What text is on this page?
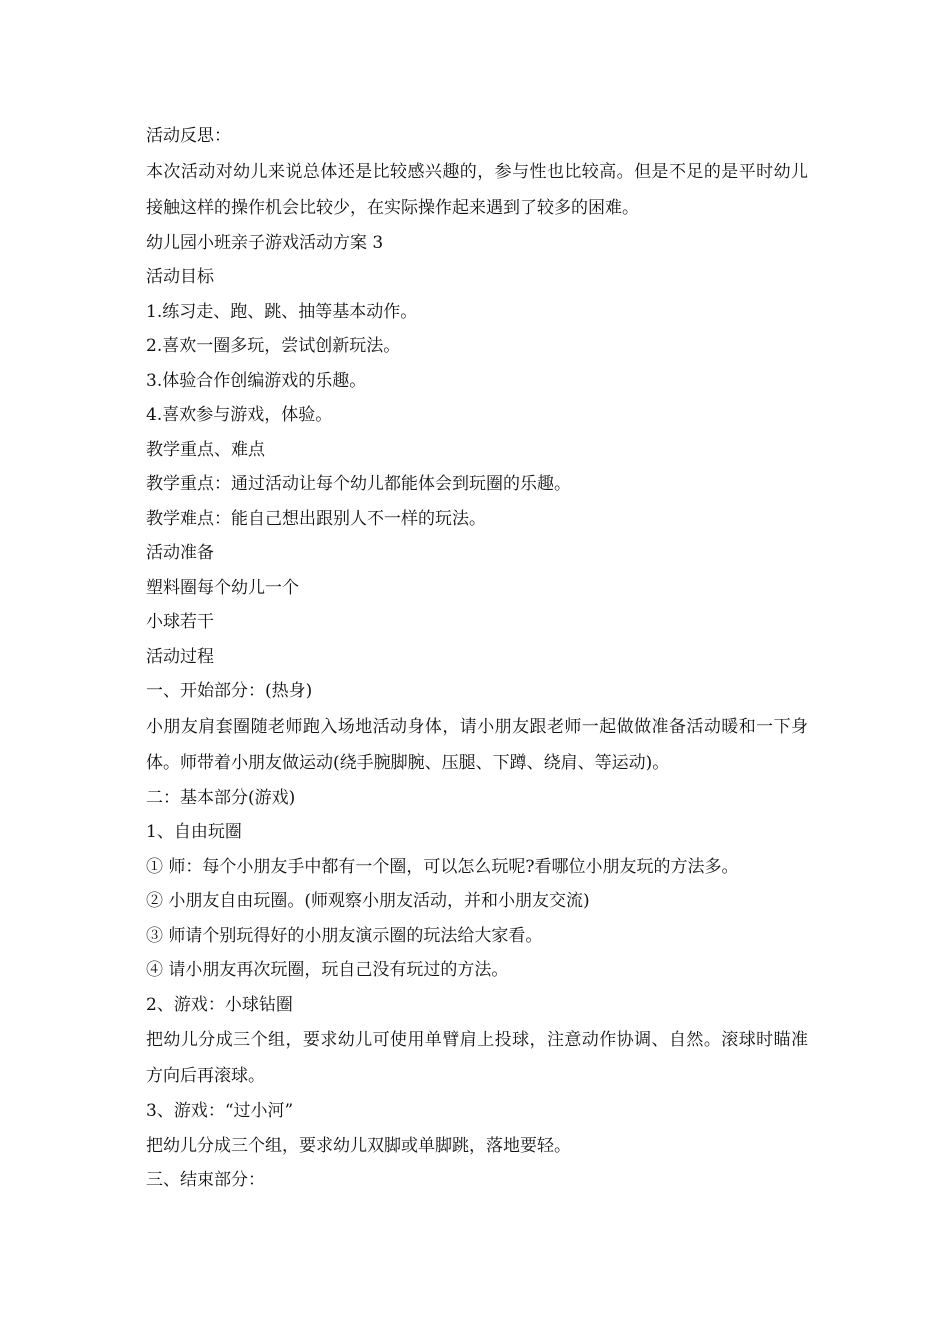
活动反思：

本次活动对幼儿来说总体还是比较感兴趣的，参与性也比较高。但是不足的是平时幼儿接触这样的操作机会比较少，在实际操作起来遇到了较多的困难。

幼儿园小班亲子游戏活动方案 3
活动目标
1.练习走、跑、跳、抽等基本动作。
2.喜欢一圈多玩，尝试创新玩法。
3.体验合作创编游戏的乐趣。
4.喜欢参与游戏，体验。
教学重点、难点
教学重点：通过活动让每个幼儿都能体会到玩圈的乐趣。
教学难点：能自己想出跟别人不一样的玩法。
活动准备
塑料圈每个幼儿一个
小球若干
活动过程
一、开始部分：(热身)

小朋友肩套圈随老师跑入场地活动身体，请小朋友跟老师一起做做准备活动暖和一下身体。师带着小朋友做运动(绕手腕脚腕、压腿、下蹲、绕肩、等运动)。

二：基本部分(游戏)
1、自由玩圈
① 师：每个小朋友手中都有一个圈，可以怎么玩呢?看哪位小朋友玩的方法多。
② 小朋友自由玩圈。(师观察小朋友活动，并和小朋友交流)
③ 师请个别玩得好的小朋友演示圈的玩法给大家看。
④ 请小朋友再次玩圈，玩自己没有玩过的方法。
2、游戏：小球钻圈

把幼儿分成三个组，要求幼儿可使用单臂肩上投球，注意动作协调、自然。滚球时瞄准方向后再滚球。

3、游戏：“过小河”
把幼儿分成三个组，要求幼儿双脚或单脚跳，落地要轻。
三、结束部分：
